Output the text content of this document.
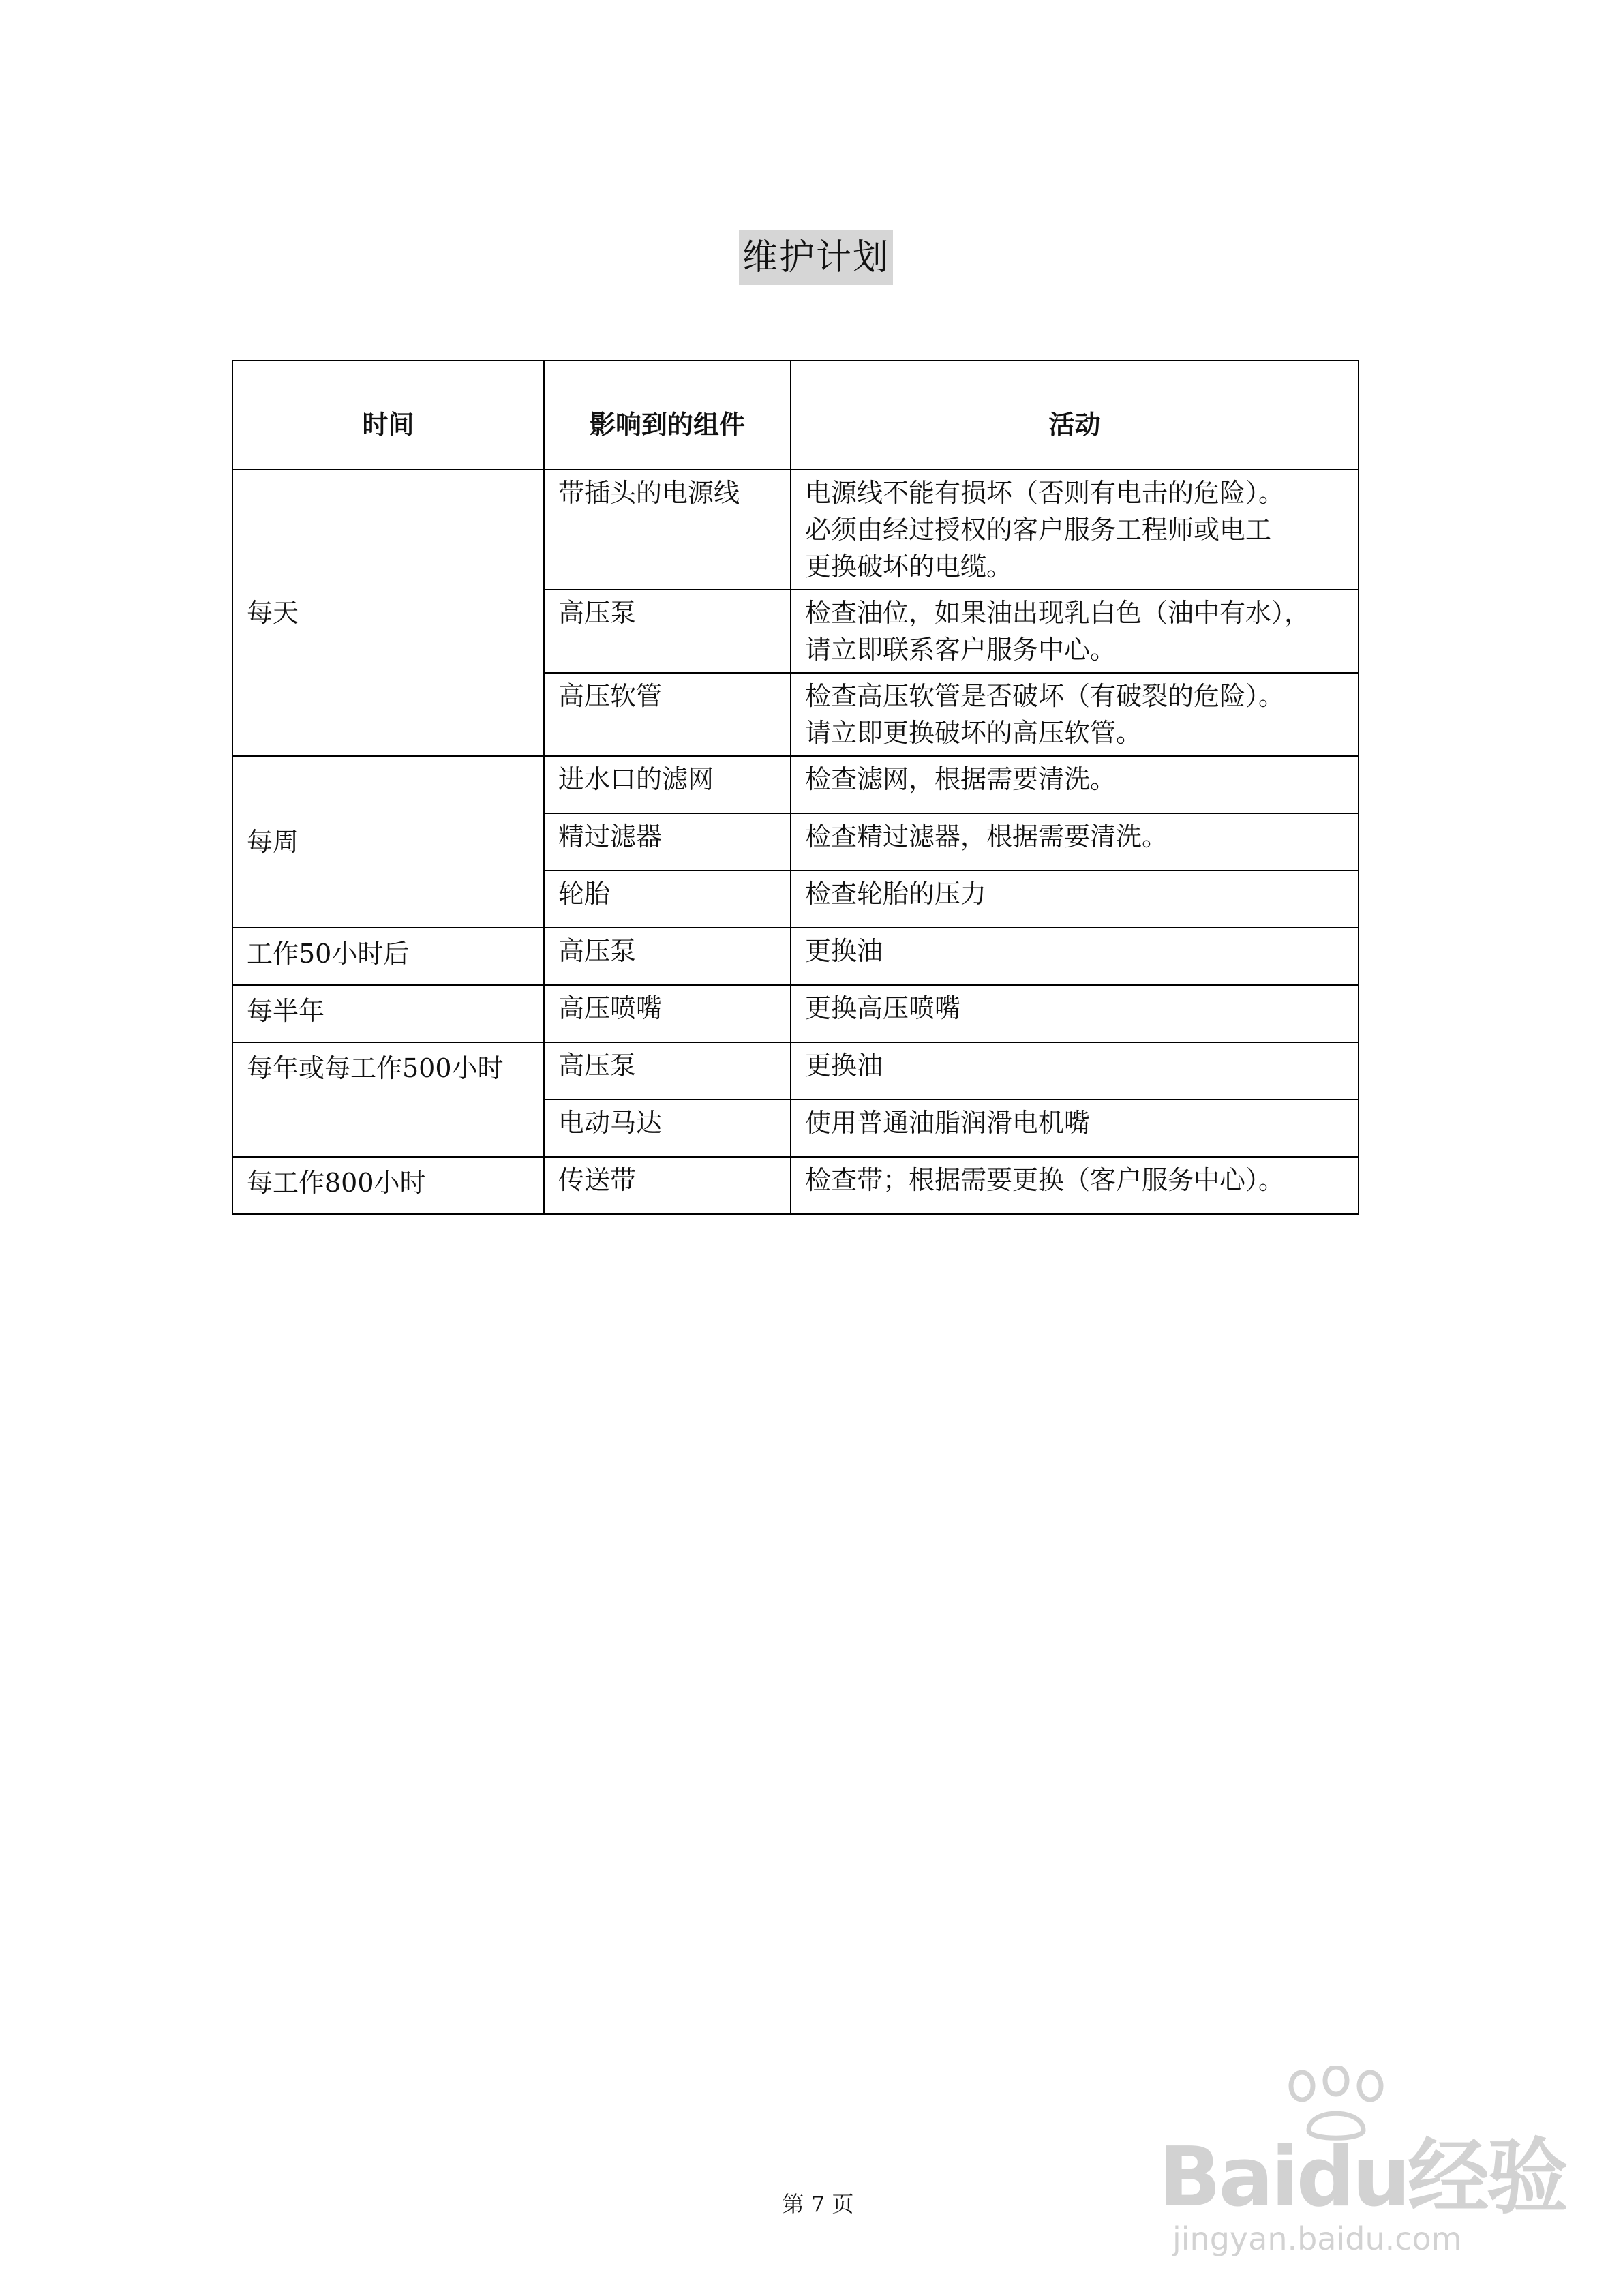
维护计划
时间	影响到的组件	活动
每天	带插头的电源线	电源线不能有损坏（否则有电击的危险）。
必须由经过授权的客户服务工程师或电工
更换破坏的电缆。

	高压泵	检查油位，如果油出现乳白色（油中有水），
请立即联系客户服务中心。

	高压软管	检查高压软管是否破坏（有破裂的危险）。
请立即更换破坏的高压软管。

每周	进水口的滤网	检查滤网，根据需要清洗。

	精过滤器	检查精过滤器，根据需要清洗。

	轮胎	检查轮胎的压力

工作50小时后	高压泵	更换油

每半年	高压喷嘴	更换高压喷嘴

每年或每工作500小时	高压泵	更换油

	电动马达	使用普通油脂润滑电机嘴

每工作800小时	传送带	检查带；根据需要更换（客户服务中心）。
Baidu经验
jingyan.baidu.com
第 7 页
